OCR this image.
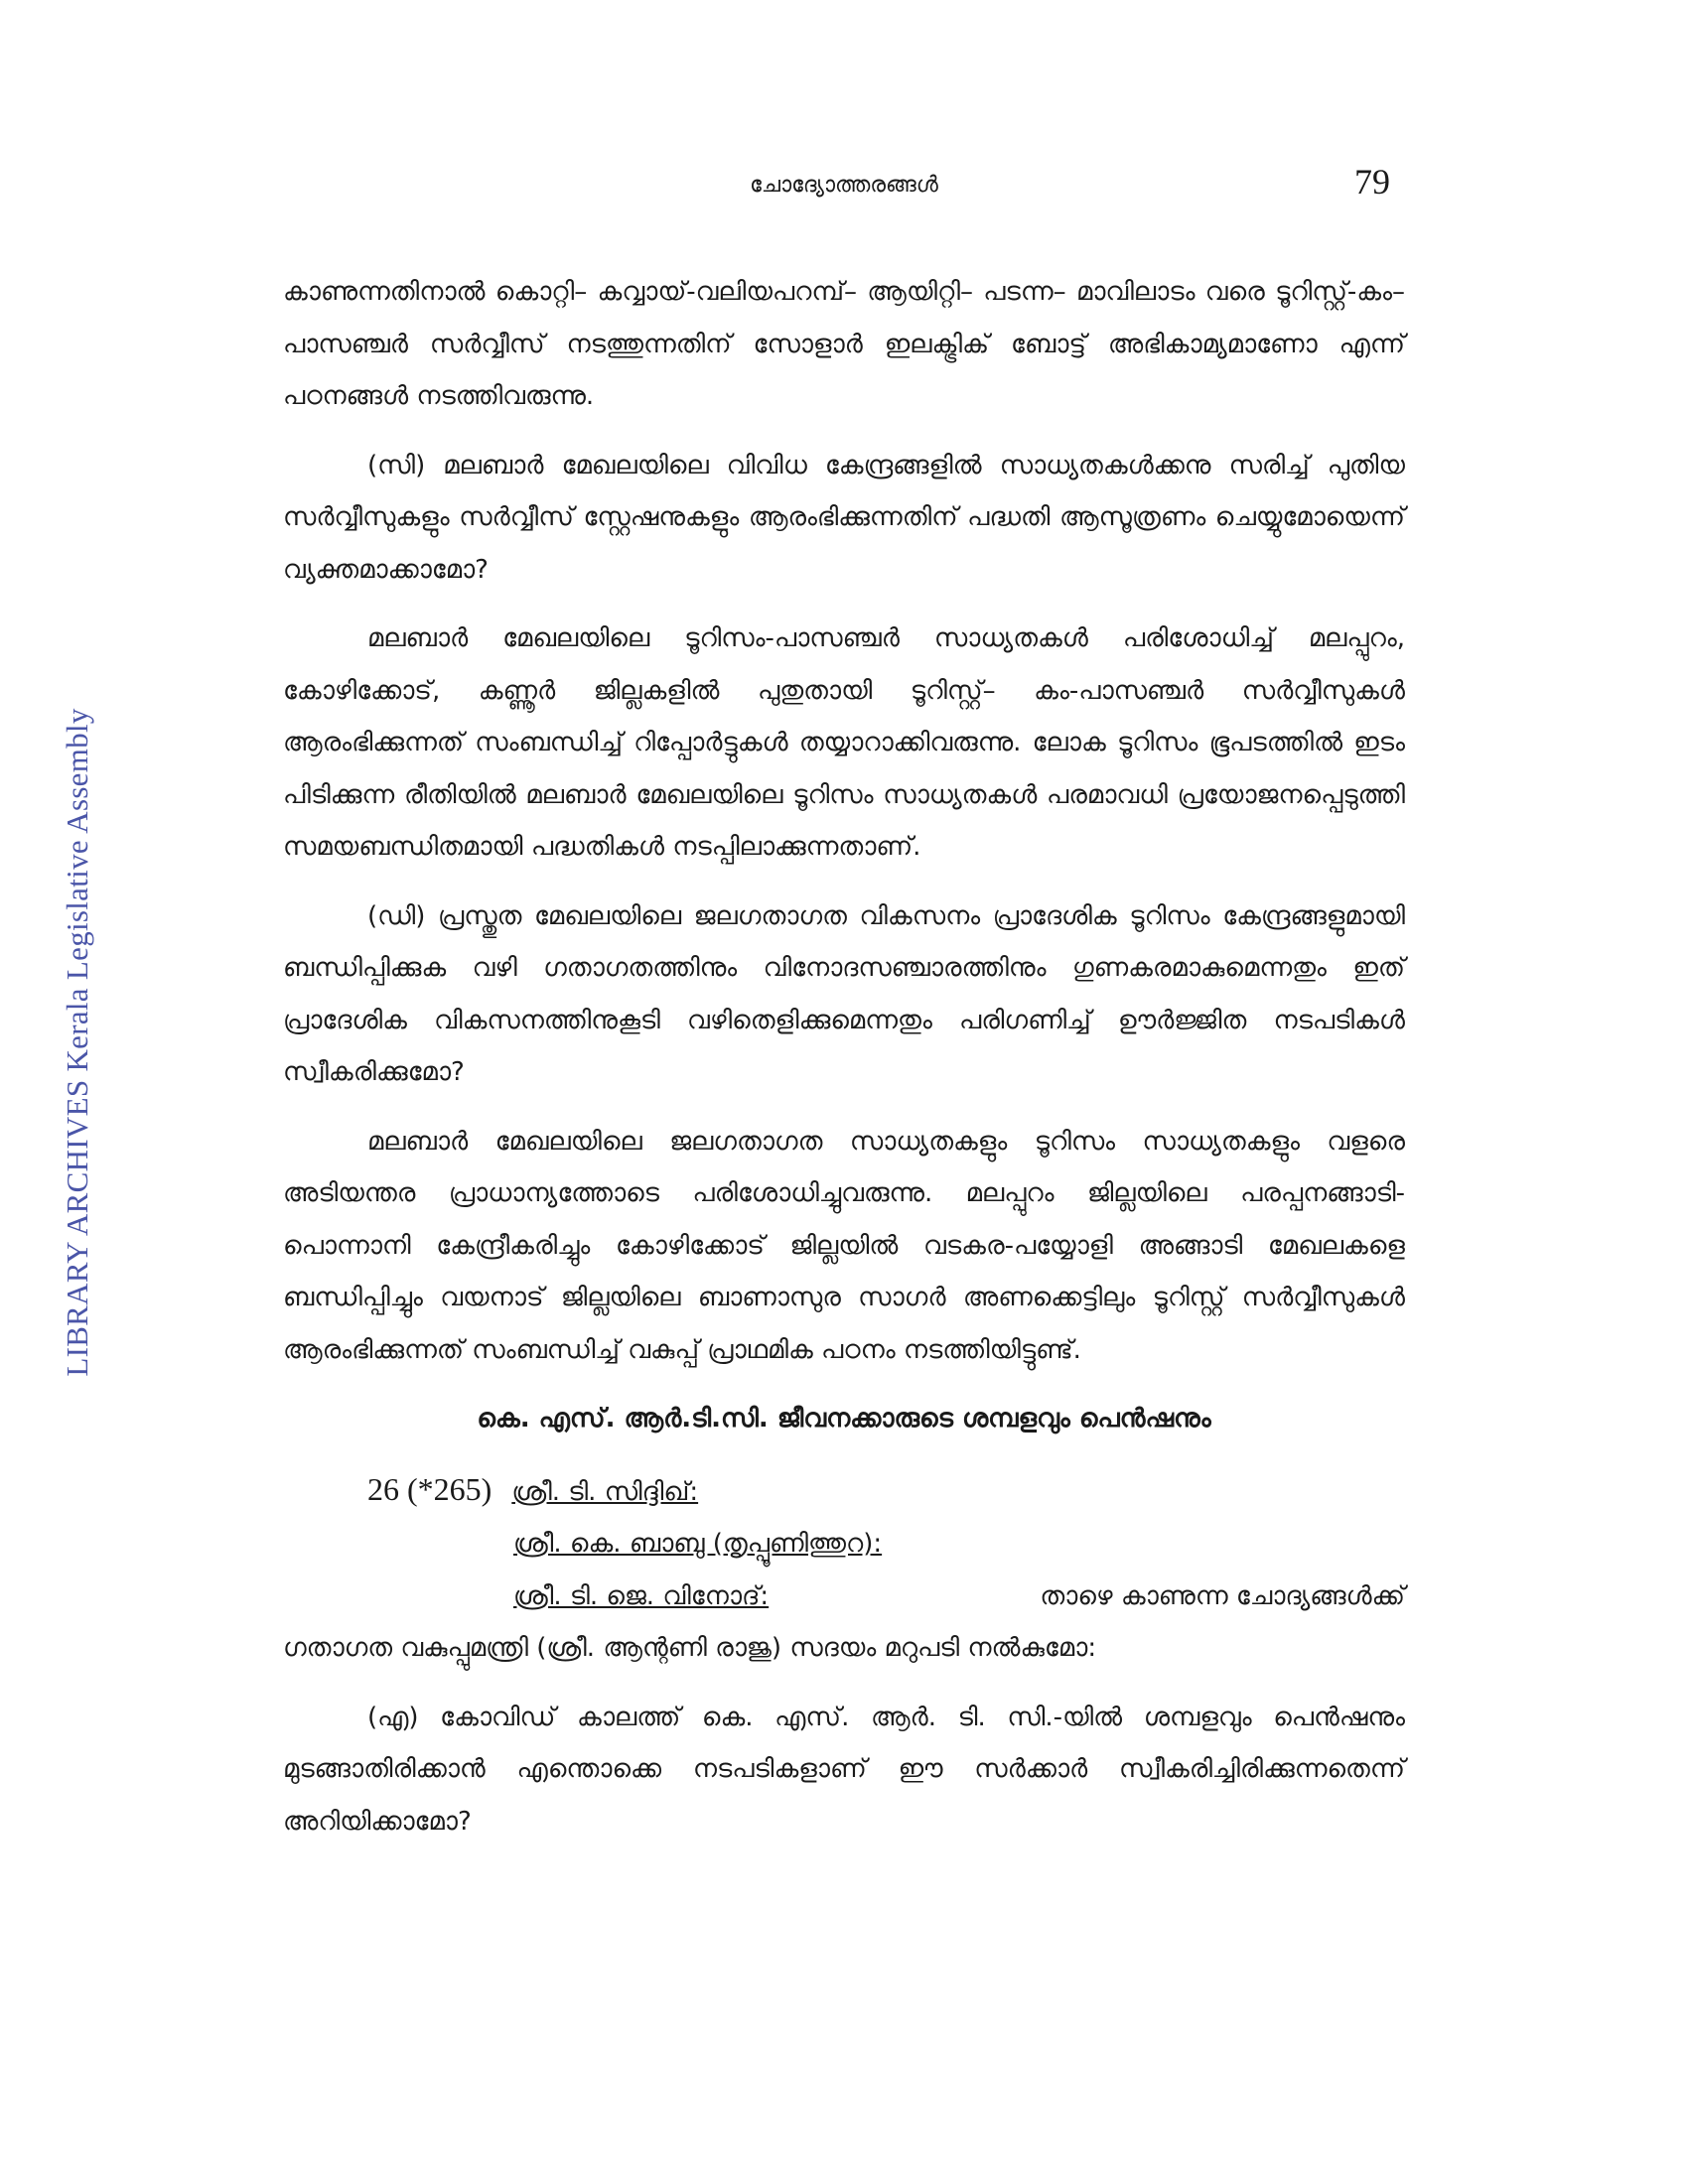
ചോദ്യോത്തരങ്ങൾ	79
LIBRARY ARCHIVES Kerala Legislative Assembly

കാണുന്നതിനാൽ കൊറ്റി– കവ്വായ്-വലിയപറമ്പ്– ആയിറ്റി– പടന്ന– മാവിലാടം വരെ ടൂറിസ്റ്റ്-കം– പാസഞ്ചർ സർവ്വീസ് നടത്തുന്നതിന് സോളാർ ഇലക്ട്രിക് ബോട്ട് അഭികാമ്യമാണോ എന്ന് പഠനങ്ങൾ നടത്തിവരുന്നു.

(സി) മലബാർ മേഖലയിലെ വിവിധ കേന്ദ്രങ്ങളിൽ സാധ്യതകൾക്കനു സരിച്ച് പുതിയ സർവ്വീസുകളും സർവ്വീസ് സ്റ്റേഷനുകളും ആരംഭിക്കുന്നതിന് പദ്ധതി ആസൂത്രണം ചെയ്യുമോയെന്ന് വ്യക്തമാക്കാമോ?

മലബാർ മേഖലയിലെ ടൂറിസം-പാസഞ്ചർ സാധ്യതകൾ പരിശോധിച്ച് മലപ്പുറം, കോഴിക്കോട്, കണ്ണൂർ ജില്ലകളിൽ പുതുതായി ടൂറിസ്റ്റ്– കം-പാസഞ്ചർ സർവ്വീസുകൾ ആരംഭിക്കുന്നത് സംബന്ധിച്ച് റിപ്പോർട്ടുകൾ തയ്യാറാക്കിവരുന്നു. ലോക ടൂറിസം ഭൂപടത്തിൽ ഇടം പിടിക്കുന്ന രീതിയിൽ മലബാർ മേഖലയിലെ ടൂറിസം സാധ്യതകൾ പരമാവധി പ്രയോജനപ്പെടുത്തി സമയബന്ധിതമായി പദ്ധതികൾ നടപ്പിലാക്കുന്നതാണ്.

(ഡി) പ്രസ്തുത മേഖലയിലെ ജലഗതാഗത വികസനം പ്രാദേശിക ടൂറിസം കേന്ദ്രങ്ങളുമായി ബന്ധിപ്പിക്കുക വഴി ഗതാഗതത്തിനും വിനോദസഞ്ചാരത്തിനും ഗുണകരമാകുമെന്നതും ഇത് പ്രാദേശിക വികസനത്തിനുകൂടി വഴിതെളിക്കുമെന്നതും പരിഗണിച്ച് ഊർജ്ജിത നടപടികൾ സ്വീകരിക്കുമോ?

മലബാർ മേഖലയിലെ ജലഗതാഗത സാധ്യതകളും ടൂറിസം സാധ്യതകളും വളരെ അടിയന്തര പ്രാധാന്യത്തോടെ പരിശോധിച്ചുവരുന്നു. മലപ്പുറം ജില്ലയിലെ പരപ്പനങ്ങാടി-പൊന്നാനി കേന്ദ്രീകരിച്ചും കോഴിക്കോട് ജില്ലയിൽ വടകര-പയ്യോളി അങ്ങാടി മേഖലകളെ ബന്ധിപ്പിച്ചും വയനാട് ജില്ലയിലെ ബാണാസുര സാഗർ അണക്കെട്ടിലും ടൂറിസ്റ്റ് സർവ്വീസുകൾ ആരംഭിക്കുന്നത് സംബന്ധിച്ച് വകുപ്പ് പ്രാഥമിക പഠനം നടത്തിയിട്ടുണ്ട്.

കെ. എസ്. ആർ.ടി.സി. ജീവനക്കാരുടെ ശമ്പളവും പെൻഷനും
26 (*265) ശ്രീ. ടി. സിദ്ദിഖ്:
ശ്രീ. കെ. ബാബു (തൃപ്പൂണിത്തുറ):
ശ്രീ. ടി. ജെ. വിനോദ്:	താഴെ കാണുന്ന ചോദ്യങ്ങൾക്ക്

ഗതാഗത വകുപ്പുമന്ത്രി (ശ്രീ. ആന്റണി രാജു) സദയം മറുപടി നൽകുമോ:

(എ) കോവിഡ് കാലത്ത് കെ. എസ്. ആർ. ടി. സി.-യിൽ ശമ്പളവും പെൻഷനും മുടങ്ങാതിരിക്കാൻ എന്തൊക്കെ നടപടികളാണ് ഈ സർക്കാർ സ്വീകരിച്ചിരിക്കുന്നതെന്ന് അറിയിക്കാമോ?
